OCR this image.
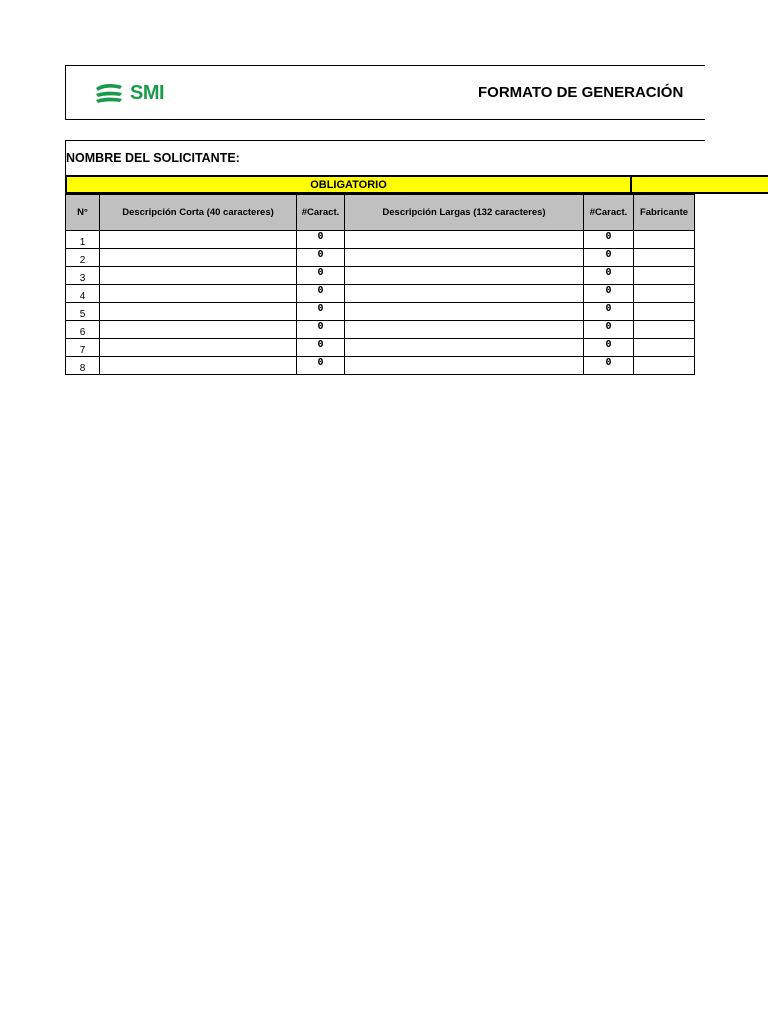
SMI	FORMATO DE GENERACIÓN
NOMBRE DEL SOLICITANTE:
OBLIGATORIO
N°	Descripción Corta (40 caracteres)	#Caract.	Descripción Largas (132 caracteres)	#Caract.	Fabricante
1		0		0	
2		0		0	
3		0		0	
4		0		0	
5		0		0	
6		0		0	
7		0		0	
8		0		0	
